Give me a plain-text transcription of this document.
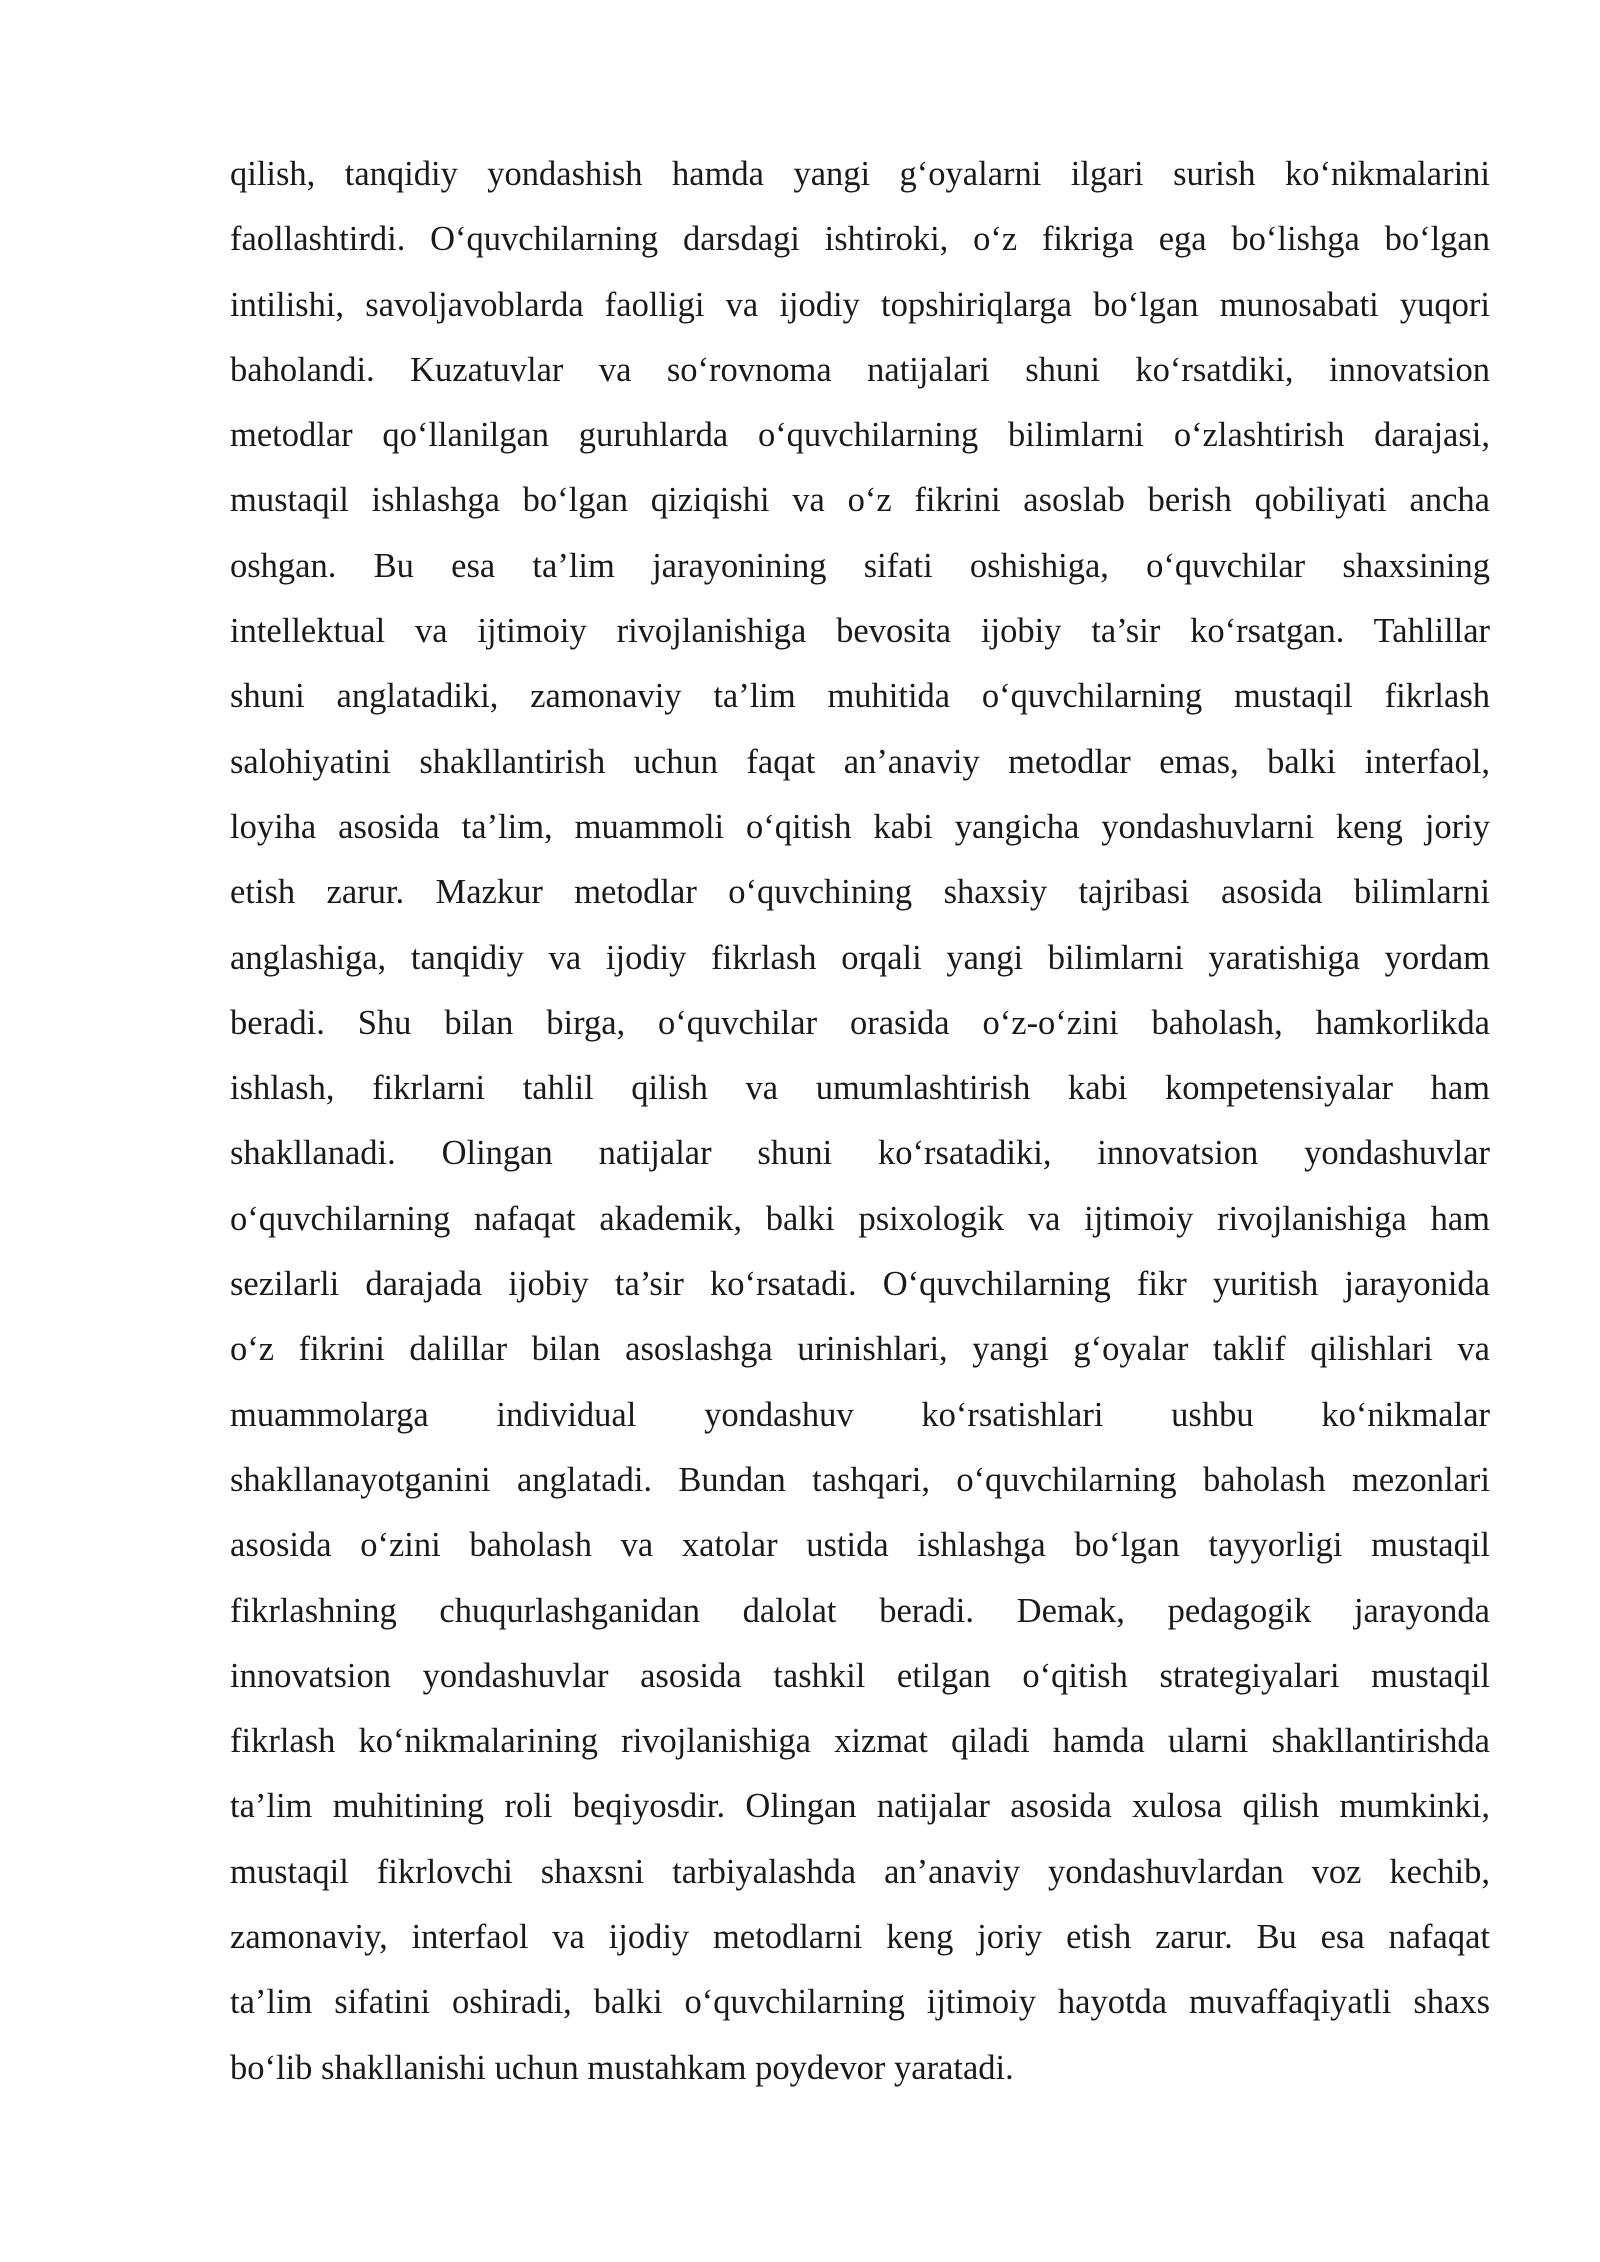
qilish, tanqidiy yondashish hamda yangi g‘oyalarni ilgari surish ko‘nikmalarini
faollashtirdi. O‘quvchilarning darsdagi ishtiroki, o‘z fikriga ega bo‘lishga bo‘lgan
intilishi, savoljavoblarda faolligi va ijodiy topshiriqlarga bo‘lgan munosabati yuqori
baholandi. Kuzatuvlar va so‘rovnoma natijalari shuni ko‘rsatdiki, innovatsion
metodlar qo‘llanilgan guruhlarda o‘quvchilarning bilimlarni o‘zlashtirish darajasi,
mustaqil ishlashga bo‘lgan qiziqishi va o‘z fikrini asoslab berish qobiliyati ancha
oshgan. Bu esa ta’lim jarayonining sifati oshishiga, o‘quvchilar shaxsining
intellektual va ijtimoiy rivojlanishiga bevosita ijobiy ta’sir ko‘rsatgan. Tahlillar
shuni anglatadiki, zamonaviy ta’lim muhitida o‘quvchilarning mustaqil fikrlash
salohiyatini shakllantirish uchun faqat an’anaviy metodlar emas, balki interfaol,
loyiha asosida ta’lim, muammoli o‘qitish kabi yangicha yondashuvlarni keng joriy
etish zarur. Mazkur metodlar o‘quvchining shaxsiy tajribasi asosida bilimlarni
anglashiga, tanqidiy va ijodiy fikrlash orqali yangi bilimlarni yaratishiga yordam
beradi. Shu bilan birga, o‘quvchilar orasida o‘z-o‘zini baholash, hamkorlikda
ishlash, fikrlarni tahlil qilish va umumlashtirish kabi kompetensiyalar ham
shakllanadi. Olingan natijalar shuni ko‘rsatadiki, innovatsion yondashuvlar
o‘quvchilarning nafaqat akademik, balki psixologik va ijtimoiy rivojlanishiga ham
sezilarli darajada ijobiy ta’sir ko‘rsatadi. O‘quvchilarning fikr yuritish jarayonida
o‘z fikrini dalillar bilan asoslashga urinishlari, yangi g‘oyalar taklif qilishlari va
muammolarga individual yondashuv ko‘rsatishlari ushbu ko‘nikmalar
shakllanayotganini anglatadi. Bundan tashqari, o‘quvchilarning baholash mezonlari
asosida o‘zini baholash va xatolar ustida ishlashga bo‘lgan tayyorligi mustaqil
fikrlashning chuqurlashganidan dalolat beradi. Demak, pedagogik jarayonda
innovatsion yondashuvlar asosida tashkil etilgan o‘qitish strategiyalari mustaqil
fikrlash ko‘nikmalarining rivojlanishiga xizmat qiladi hamda ularni shakllantirishda
ta’lim muhitining roli beqiyosdir. Olingan natijalar asosida xulosa qilish mumkinki,
mustaqil fikrlovchi shaxsni tarbiyalashda an’anaviy yondashuvlardan voz kechib,
zamonaviy, interfaol va ijodiy metodlarni keng joriy etish zarur. Bu esa nafaqat
ta’lim sifatini oshiradi, balki o‘quvchilarning ijtimoiy hayotda muvaffaqiyatli shaxs
bo‘lib shakllanishi uchun mustahkam poydevor yaratadi.
